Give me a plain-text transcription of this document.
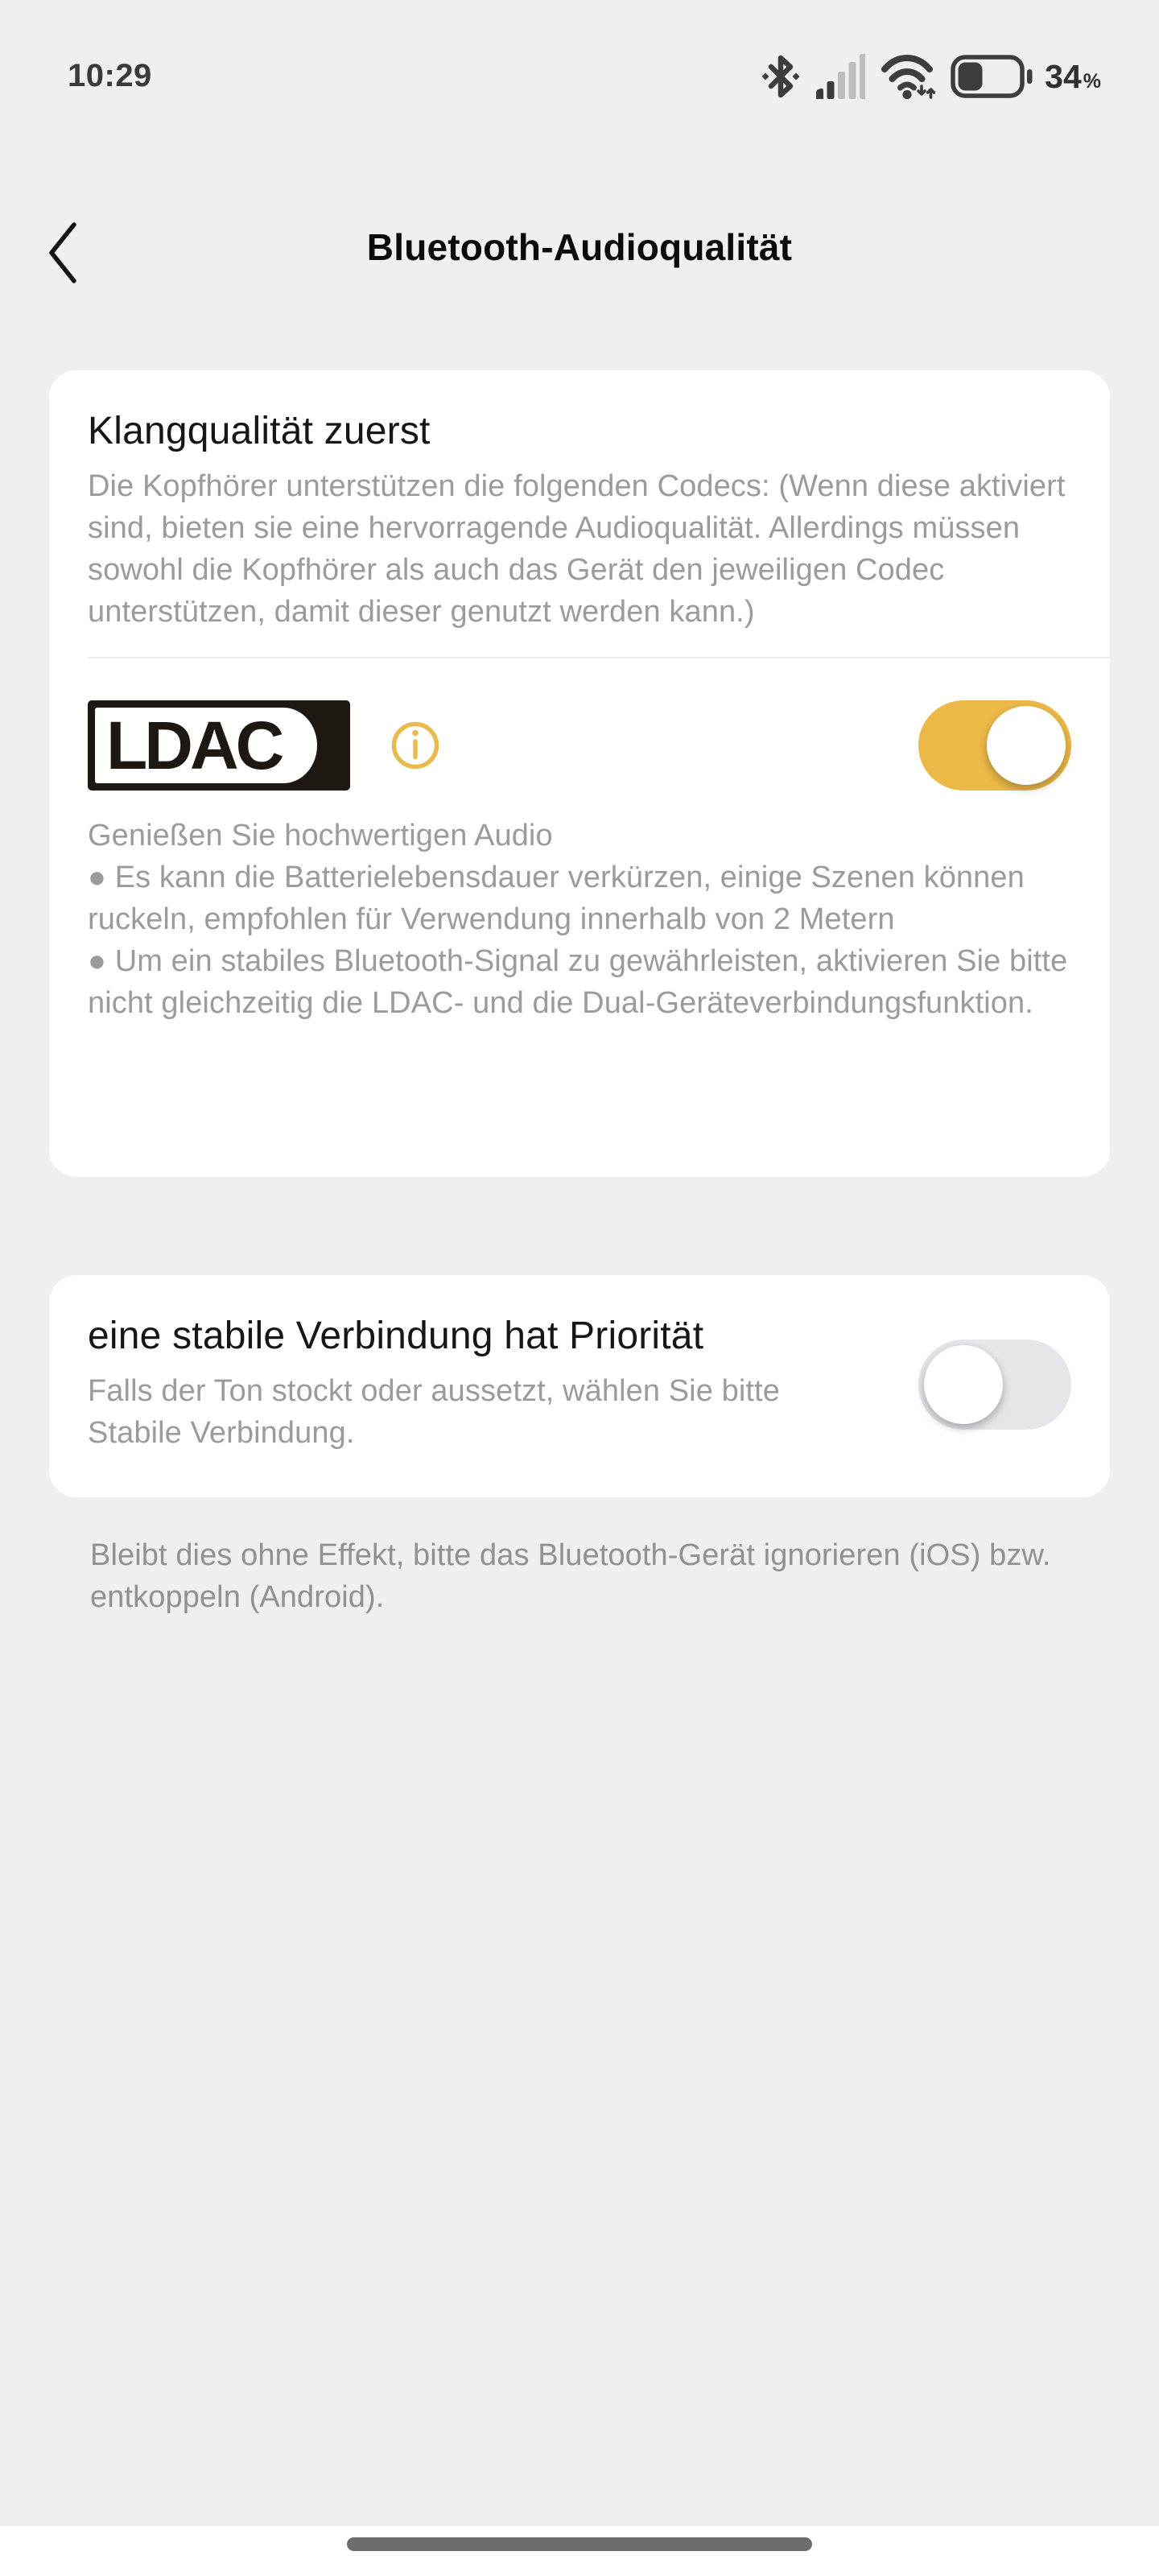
10:29	34 %
Bluetooth-Audioqualität
Klangqualität zuerst

Die Kopfhörer unterstützen die folgenden Codecs: (Wenn diese aktiviert sind, bieten sie eine hervorragende Audioqualität. Allerdings müssen sowohl die Kopfhörer als auch das Gerät den jeweiligen Codec unterstützen, damit dieser genutzt werden kann.)

LDAC

Genießen Sie hochwertigen Audio

● Es kann die Batterielebensdauer verkürzen, einige Szenen können ruckeln, empfohlen für Verwendung innerhalb von 2 Metern

● Um ein stabiles Bluetooth-Signal zu gewährleisten, aktivieren Sie bitte nicht gleichzeitig die LDAC- und die Dual-Geräteverbindungsfunktion.

eine stabile Verbindung hat Priorität

Falls der Ton stockt oder aussetzt, wählen Sie bitte Stabile Verbindung.

Bleibt dies ohne Effekt, bitte das Bluetooth-Gerät ignorieren (iOS) bzw. entkoppeln (Android).
